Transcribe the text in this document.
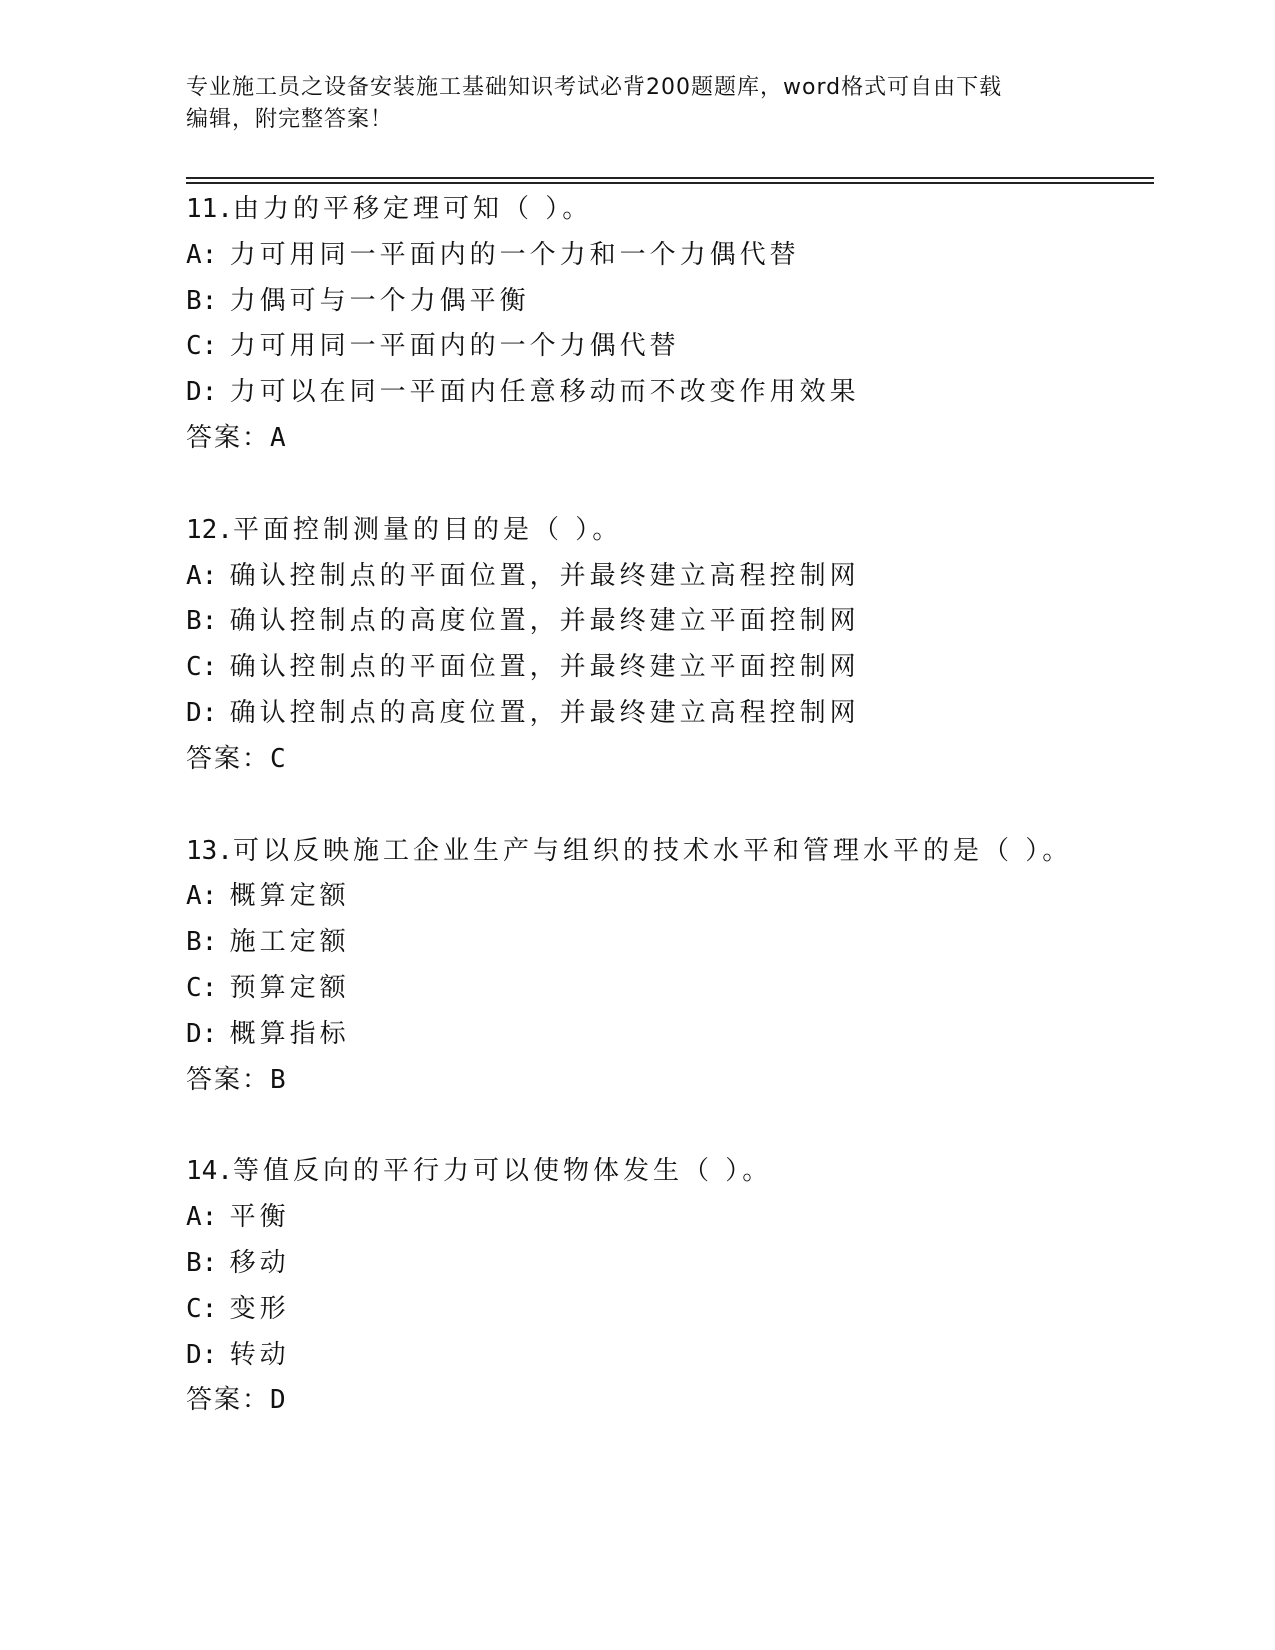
专业施工员之设备安装施工基础知识考试必背200题题库，word格式可自由下载
编辑，附完整答案！
11.由力的平移定理可知（ ）。
A: 力可用同一平面内的一个力和一个力偶代替
B: 力偶可与一个力偶平衡
C: 力可用同一平面内的一个力偶代替
D: 力可以在同一平面内任意移动而不改变作用效果
答案：A
12.平面控制测量的目的是（ ）。
A: 确认控制点的平面位置，并最终建立高程控制网
B: 确认控制点的高度位置，并最终建立平面控制网
C: 确认控制点的平面位置，并最终建立平面控制网
D: 确认控制点的高度位置，并最终建立高程控制网
答案：C
13.可以反映施工企业生产与组织的技术水平和管理水平的是（ ）。
A: 概算定额
B: 施工定额
C: 预算定额
D: 概算指标
答案：B
14.等值反向的平行力可以使物体发生（ ）。
A: 平衡
B: 移动
C: 变形
D: 转动
答案：D
